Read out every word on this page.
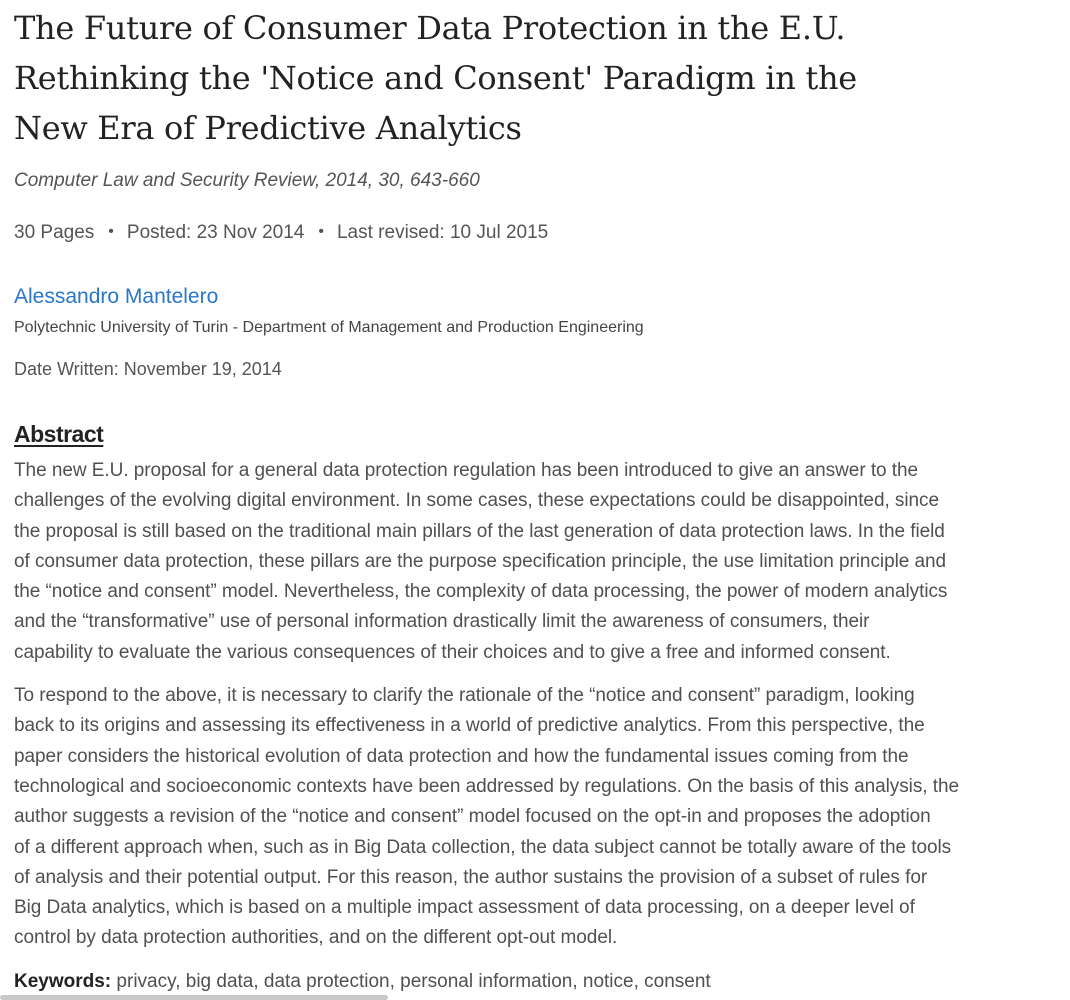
The Future of Consumer Data Protection in the E.U.
Rethinking the 'Notice and Consent' Paradigm in the
New Era of Predictive Analytics
Computer Law and Security Review, 2014, 30, 643-660
30 Pages • Posted: 23 Nov 2014 • Last revised: 10 Jul 2015
Alessandro Mantelero
Polytechnic University of Turin - Department of Management and Production Engineering
Date Written: November 19, 2014
Abstract
The new E.U. proposal for a general data protection regulation has been introduced to give an answer to the
challenges of the evolving digital environment. In some cases, these expectations could be disappointed, since
the proposal is still based on the traditional main pillars of the last generation of data protection laws. In the field
of consumer data protection, these pillars are the purpose specification principle, the use limitation principle and
the “notice and consent” model. Nevertheless, the complexity of data processing, the power of modern analytics
and the “transformative” use of personal information drastically limit the awareness of consumers, their
capability to evaluate the various consequences of their choices and to give a free and informed consent.
To respond to the above, it is necessary to clarify the rationale of the “notice and consent” paradigm, looking
back to its origins and assessing its effectiveness in a world of predictive analytics. From this perspective, the
paper considers the historical evolution of data protection and how the fundamental issues coming from the
technological and socioeconomic contexts have been addressed by regulations. On the basis of this analysis, the
author suggests a revision of the “notice and consent” model focused on the opt-in and proposes the adoption
of a different approach when, such as in Big Data collection, the data subject cannot be totally aware of the tools
of analysis and their potential output. For this reason, the author sustains the provision of a subset of rules for
Big Data analytics, which is based on a multiple impact assessment of data processing, on a deeper level of
control by data protection authorities, and on the different opt-out model.
Keywords: privacy, big data, data protection, personal information, notice, consent
